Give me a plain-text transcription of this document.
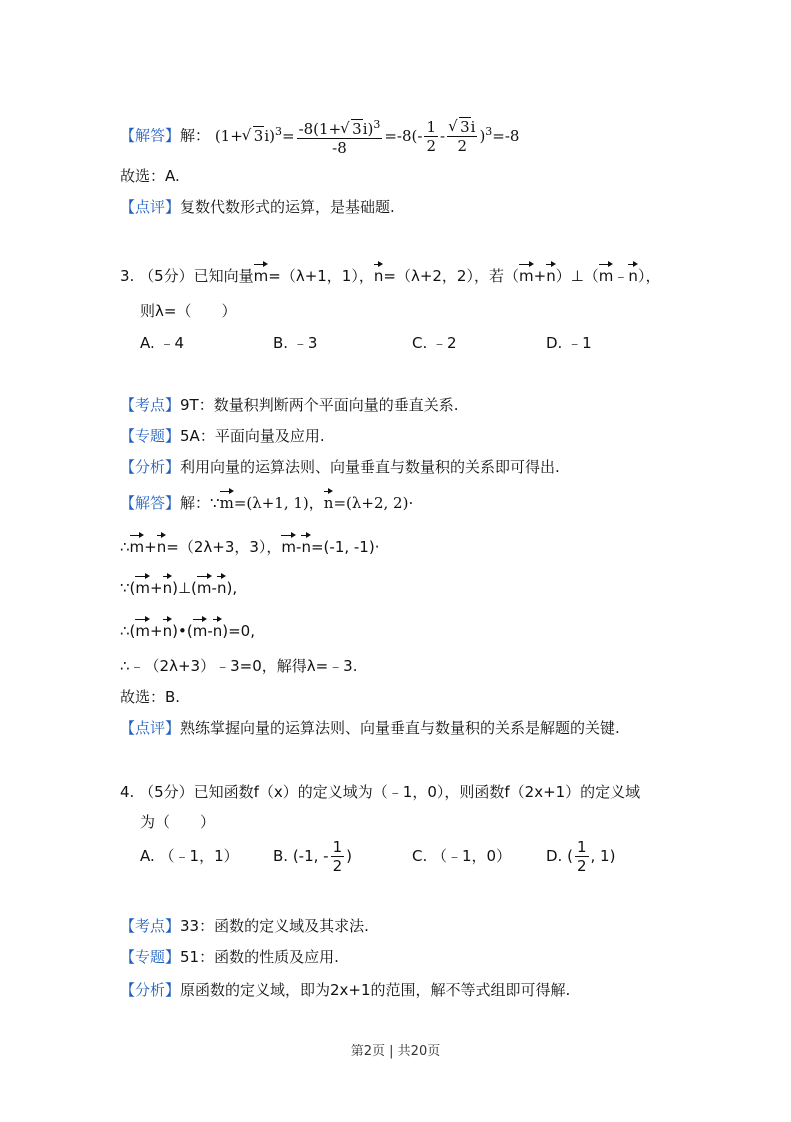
【解答】解： (1+ √ $3i)^3= \frac{-8(1+ √ 3i)^3}{-8} =-8(- \frac{1}{2}$ - √ $\frac{3i}{2} )^3=-8$
故选：A.
【点评】复数代数形式的运算，是基础题.
3. （5分）已知向量m=（λ+1，1），n=（λ+2，2），若（m+n）⊥（m﹣n），
则λ=（　　）
A. ﹣4	B. ﹣3	C. ﹣2	D. ﹣1
【考点】9T：数量积判断两个平面向量的垂直关系.
【专题】5A：平面向量及应用.
【分析】利用向量的运算法则、向量垂直与数量积的关系即可得出.
【解答】解：∵m=(λ+1, 1)，n=(λ+2, 2)·
∴m+n=（2λ+3，3），m-n=(-1, -1)·
∵(m+n)⊥(m-n),
∴(m+n)•(m-n)=0,
∴﹣（2λ+3）﹣3=0，解得λ=﹣3.
故选：B.
【点评】熟练掌握向量的运算法则、向量垂直与数量积的关系是解题的关键.
4. （5分）已知函数f（x）的定义域为（﹣1，0），则函数f（2x+1）的定义域
为（　　）
A. （﹣1，1） B. (-1, - $\frac{1}{2}$ )	C. （﹣1，0） D. ( $\frac{1}{2}$ , 1)
【考点】33：函数的定义域及其求法.
【专题】51：函数的性质及应用.
【分析】原函数的定义域，即为2x+1的范围，解不等式组即可得解.
第2页 | 共20页
